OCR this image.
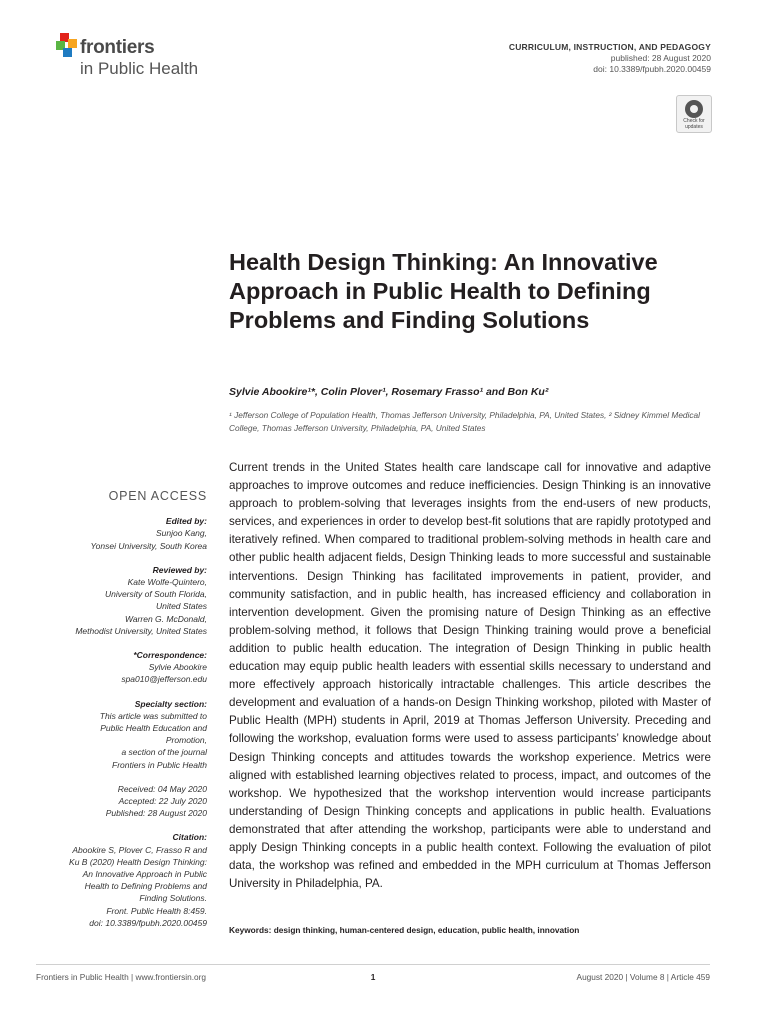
frontiers
in Public Health
CURRICULUM, INSTRUCTION, AND PEDAGOGY
published: 28 August 2020
doi: 10.3389/fpubh.2020.00459
Check for updates
Health Design Thinking: An Innovative Approach in Public Health to Defining Problems and Finding Solutions
Sylvie Abookire¹*, Colin Plover¹, Rosemary Frasso¹ and Bon Ku²
¹ Jefferson College of Population Health, Thomas Jefferson University, Philadelphia, PA, United States, ² Sidney Kimmel Medical College, Thomas Jefferson University, Philadelphia, PA, United States
OPEN ACCESS
Edited by:
Sunjoo Kang,
Yonsei University, South Korea
Reviewed by:
Kate Wolfe-Quintero,
University of South Florida,
United States
Warren G. McDonald,
Methodist University, United States
*Correspondence:
Sylvie Abookire
spa010@jefferson.edu
Specialty section:
This article was submitted to
Public Health Education and
Promotion,
a section of the journal
Frontiers in Public Health
Received: 04 May 2020
Accepted: 22 July 2020
Published: 28 August 2020
Citation:
Abookire S, Plover C, Frasso R and
Ku B (2020) Health Design Thinking:
An Innovative Approach in Public
Health to Defining Problems and
Finding Solutions.
Front. Public Health 8:459.
doi: 10.3389/fpubh.2020.00459
Current trends in the United States health care landscape call for innovative and adaptive approaches to improve outcomes and reduce inefficiencies. Design Thinking is an innovative approach to problem-solving that leverages insights from the end-users of new products, services, and experiences in order to develop best-fit solutions that are rapidly prototyped and iteratively refined. When compared to traditional problem-solving methods in health care and other public health adjacent fields, Design Thinking leads to more successful and sustainable interventions. Design Thinking has facilitated improvements in patient, provider, and community satisfaction, and in public health, has increased efficiency and collaboration in intervention development. Given the promising nature of Design Thinking as an effective problem-solving method, it follows that Design Thinking training would prove a beneficial addition to public health education. The integration of Design Thinking in public health education may equip public health leaders with essential skills necessary to understand and more effectively approach historically intractable challenges. This article describes the development and evaluation of a hands-on Design Thinking workshop, piloted with Master of Public Health (MPH) students in April, 2019 at Thomas Jefferson University. Preceding and following the workshop, evaluation forms were used to assess participants’ knowledge about Design Thinking concepts and attitudes towards the workshop experience. Metrics were aligned with established learning objectives related to process, impact, and outcomes of the workshop. We hypothesized that the workshop intervention would increase participants understanding of Design Thinking concepts and applications in public health. Evaluations demonstrated that after attending the workshop, participants were able to understand and apply Design Thinking concepts in a public health context. Following the evaluation of pilot data, the workshop was refined and embedded in the MPH curriculum at Thomas Jefferson University in Philadelphia, PA.
Keywords: design thinking, human-centered design, education, public health, innovation
Frontiers in Public Health | www.frontiersin.org	1	August 2020 | Volume 8 | Article 459
